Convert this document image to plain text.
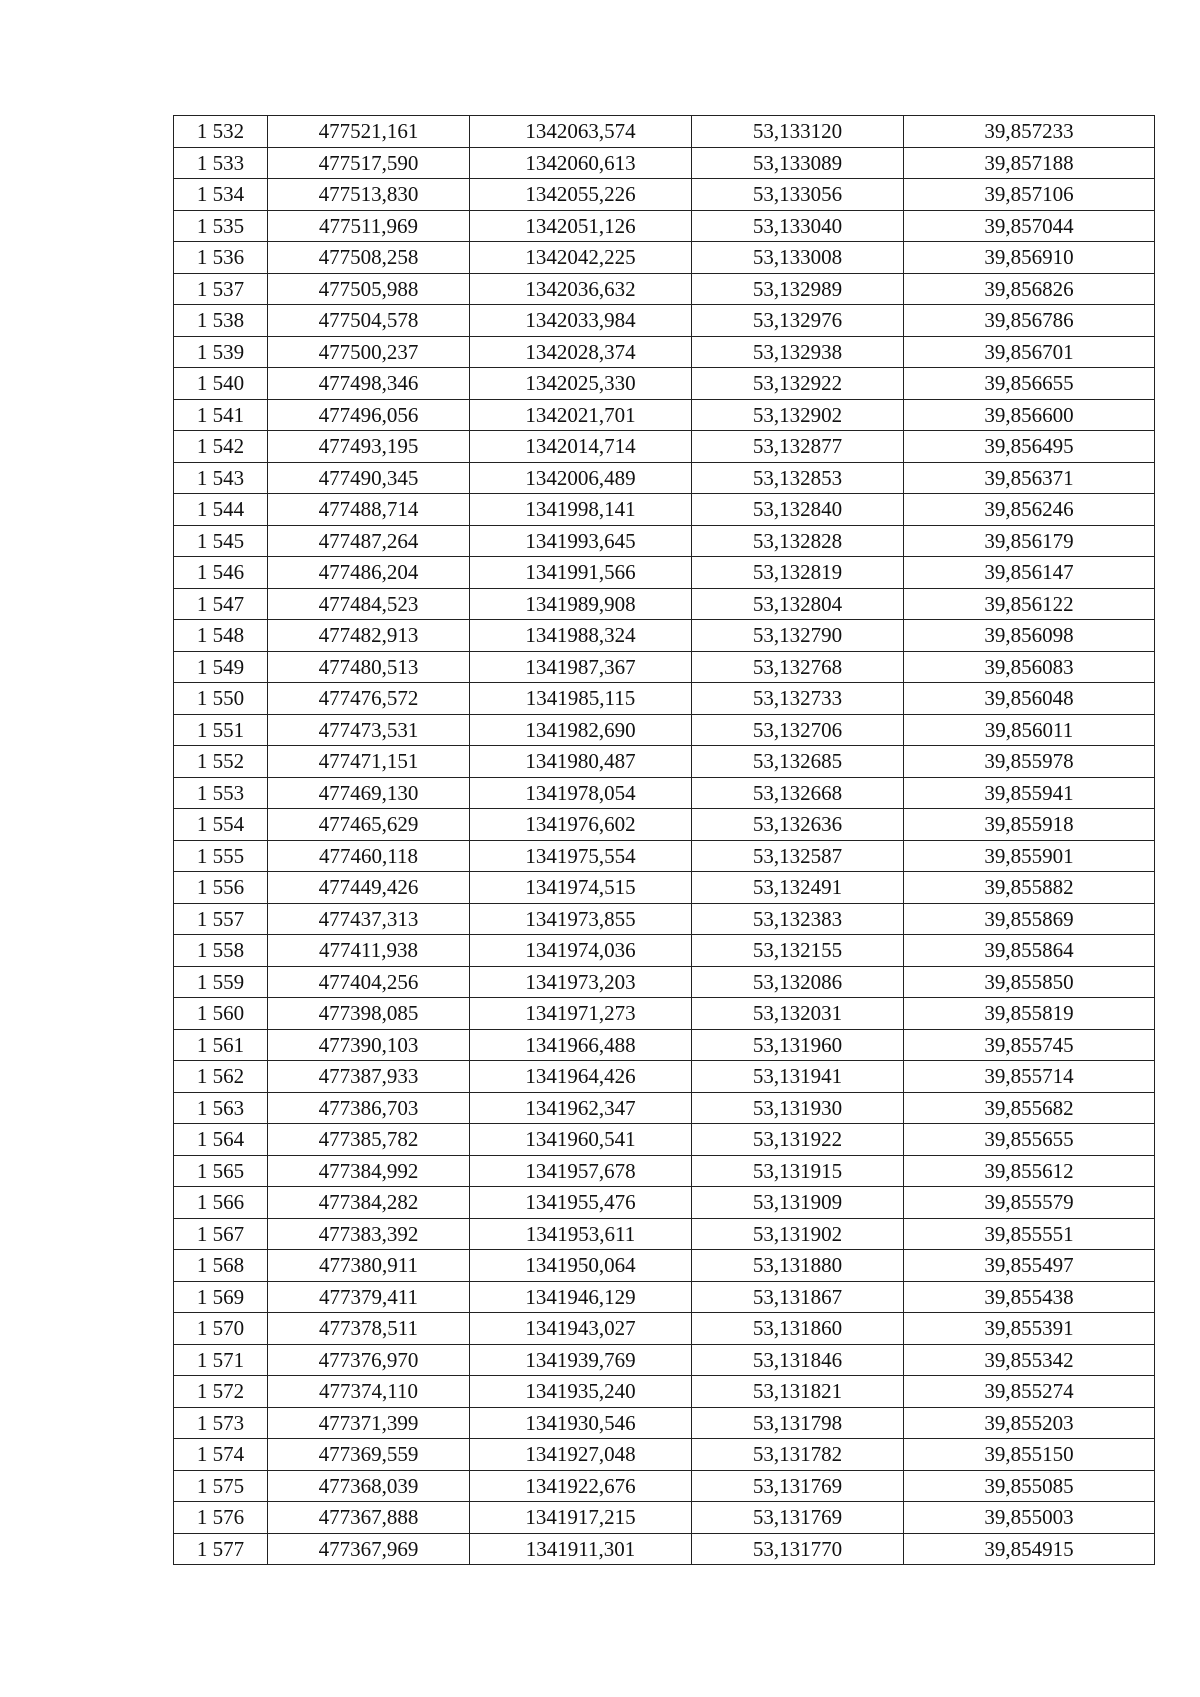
1 532	477521,161	1342063,574	53,133120	39,857233
1 533	477517,590	1342060,613	53,133089	39,857188
1 534	477513,830	1342055,226	53,133056	39,857106
1 535	477511,969	1342051,126	53,133040	39,857044
1 536	477508,258	1342042,225	53,133008	39,856910
1 537	477505,988	1342036,632	53,132989	39,856826
1 538	477504,578	1342033,984	53,132976	39,856786
1 539	477500,237	1342028,374	53,132938	39,856701
1 540	477498,346	1342025,330	53,132922	39,856655
1 541	477496,056	1342021,701	53,132902	39,856600
1 542	477493,195	1342014,714	53,132877	39,856495
1 543	477490,345	1342006,489	53,132853	39,856371
1 544	477488,714	1341998,141	53,132840	39,856246
1 545	477487,264	1341993,645	53,132828	39,856179
1 546	477486,204	1341991,566	53,132819	39,856147
1 547	477484,523	1341989,908	53,132804	39,856122
1 548	477482,913	1341988,324	53,132790	39,856098
1 549	477480,513	1341987,367	53,132768	39,856083
1 550	477476,572	1341985,115	53,132733	39,856048
1 551	477473,531	1341982,690	53,132706	39,856011
1 552	477471,151	1341980,487	53,132685	39,855978
1 553	477469,130	1341978,054	53,132668	39,855941
1 554	477465,629	1341976,602	53,132636	39,855918
1 555	477460,118	1341975,554	53,132587	39,855901
1 556	477449,426	1341974,515	53,132491	39,855882
1 557	477437,313	1341973,855	53,132383	39,855869
1 558	477411,938	1341974,036	53,132155	39,855864
1 559	477404,256	1341973,203	53,132086	39,855850
1 560	477398,085	1341971,273	53,132031	39,855819
1 561	477390,103	1341966,488	53,131960	39,855745
1 562	477387,933	1341964,426	53,131941	39,855714
1 563	477386,703	1341962,347	53,131930	39,855682
1 564	477385,782	1341960,541	53,131922	39,855655
1 565	477384,992	1341957,678	53,131915	39,855612
1 566	477384,282	1341955,476	53,131909	39,855579
1 567	477383,392	1341953,611	53,131902	39,855551
1 568	477380,911	1341950,064	53,131880	39,855497
1 569	477379,411	1341946,129	53,131867	39,855438
1 570	477378,511	1341943,027	53,131860	39,855391
1 571	477376,970	1341939,769	53,131846	39,855342
1 572	477374,110	1341935,240	53,131821	39,855274
1 573	477371,399	1341930,546	53,131798	39,855203
1 574	477369,559	1341927,048	53,131782	39,855150
1 575	477368,039	1341922,676	53,131769	39,855085
1 576	477367,888	1341917,215	53,131769	39,855003
1 577	477367,969	1341911,301	53,131770	39,854915
